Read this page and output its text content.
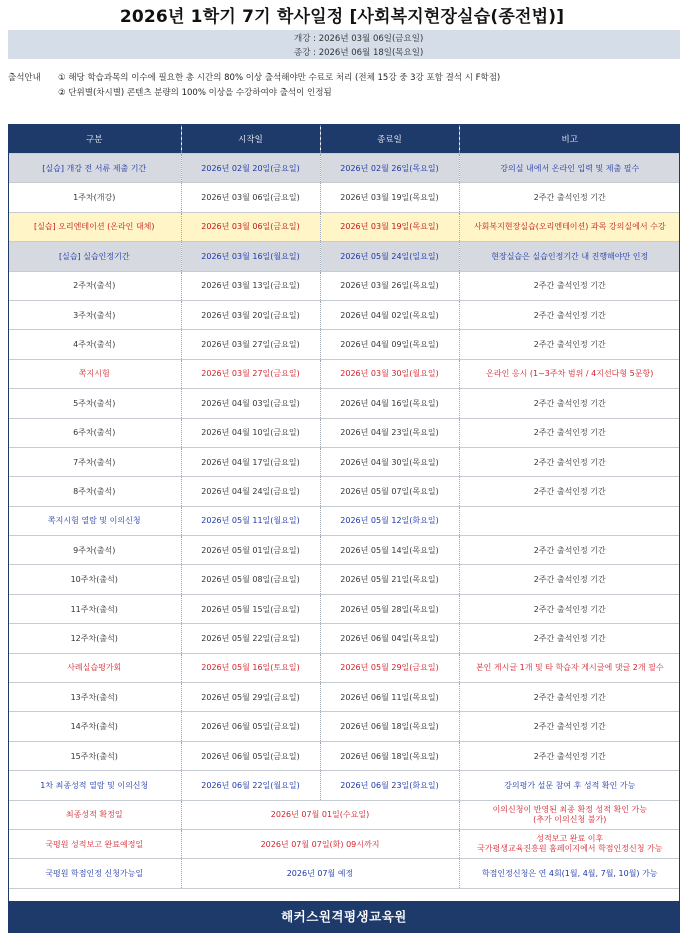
2026년 1학기 7기 학사일정 [사회복지현장실습(종전법)]
개강 : 2026년 03월 06일(금요일)
종강 : 2026년 06월 18일(목요일)
출석안내 ① 해당 학습과목의 이수에 필요한 총 시간의 80% 이상 출석해야만 수료로 처리 (전체 15강 중 3강 포함 결석 시 F학점)
② 단위별(차시별) 콘텐츠 분량의 100% 이상을 수강하여야 출석이 인정됨
구분	시작일	종료일	비고
[실습] 개강 전 서류 제출 기간	2026년 02월 20일(금요일)	2026년 02월 26일(목요일)	강의실 내에서 온라인 입력 및 제출 필수
1주차(개강)	2026년 03월 06일(금요일)	2026년 03월 19일(목요일)	2주간 출석인정 기간
[실습] 오리엔테이션 (온라인 대체)	2026년 03월 06일(금요일)	2026년 03월 19일(목요일)	사회복지현장실습(오리엔테이션) 과목 강의실에서 수강
[실습] 실습인정기간	2026년 03월 16일(월요일)	2026년 05월 24일(일요일)	현장실습은 실습인정기간 내 진행해야만 인정
2주차(출석)	2026년 03월 13일(금요일)	2026년 03월 26일(목요일)	2주간 출석인정 기간
3주차(출석)	2026년 03월 20일(금요일)	2026년 04월 02일(목요일)	2주간 출석인정 기간
4주차(출석)	2026년 03월 27일(금요일)	2026년 04월 09일(목요일)	2주간 출석인정 기간
쪽지시험	2026년 03월 27일(금요일)	2026년 03월 30일(월요일)	온라인 응시 (1~3주차 범위 / 4지선다형 5문항)
5주차(출석)	2026년 04월 03일(금요일)	2026년 04월 16일(목요일)	2주간 출석인정 기간
6주차(출석)	2026년 04월 10일(금요일)	2026년 04월 23일(목요일)	2주간 출석인정 기간
7주차(출석)	2026년 04월 17일(금요일)	2026년 04월 30일(목요일)	2주간 출석인정 기간
8주차(출석)	2026년 04월 24일(금요일)	2026년 05월 07일(목요일)	2주간 출석인정 기간
쪽지시험 열람 및 이의신청	2026년 05월 11일(월요일)	2026년 05월 12일(화요일)	
9주차(출석)	2026년 05월 01일(금요일)	2026년 05월 14일(목요일)	2주간 출석인정 기간
10주차(출석)	2026년 05월 08일(금요일)	2026년 05월 21일(목요일)	2주간 출석인정 기간
11주차(출석)	2026년 05월 15일(금요일)	2026년 05월 28일(목요일)	2주간 출석인정 기간
12주차(출석)	2026년 05월 22일(금요일)	2026년 06월 04일(목요일)	2주간 출석인정 기간
사례실습평가회	2026년 05월 16일(토요일)	2026년 05월 29일(금요일)	본인 게시글 1개 및 타 학습자 게시글에 댓글 2개 필수
13주차(출석)	2026년 05월 29일(금요일)	2026년 06월 11일(목요일)	2주간 출석인정 기간
14주차(출석)	2026년 06월 05일(금요일)	2026년 06월 18일(목요일)	2주간 출석인정 기간
15주차(출석)	2026년 06월 05일(금요일)	2026년 06월 18일(목요일)	2주간 출석인정 기간
1차 최종성적 열람 및 이의신청	2026년 06월 22일(월요일)	2026년 06월 23일(화요일)	강의평가 설문 참여 후 성적 확인 가능
최종성적 확정일	2026년 07월 01일(수요일)		이의신청이 반영된 최종 확정 성적 확인 가능
(추가 이의신청 불가)

국평원 성적보고 완료예정일	2026년 07월 07일(화) 09시까지		성적보고 완료 이후
국가평생교육진흥원 홈페이지에서 학점인정신청 가능

국평원 학점인정 신청가능일	2026년 07월 예정		학점인정신청은 연 4회(1월, 4월, 7월, 10월) 가능
해커스원격평생교육원
